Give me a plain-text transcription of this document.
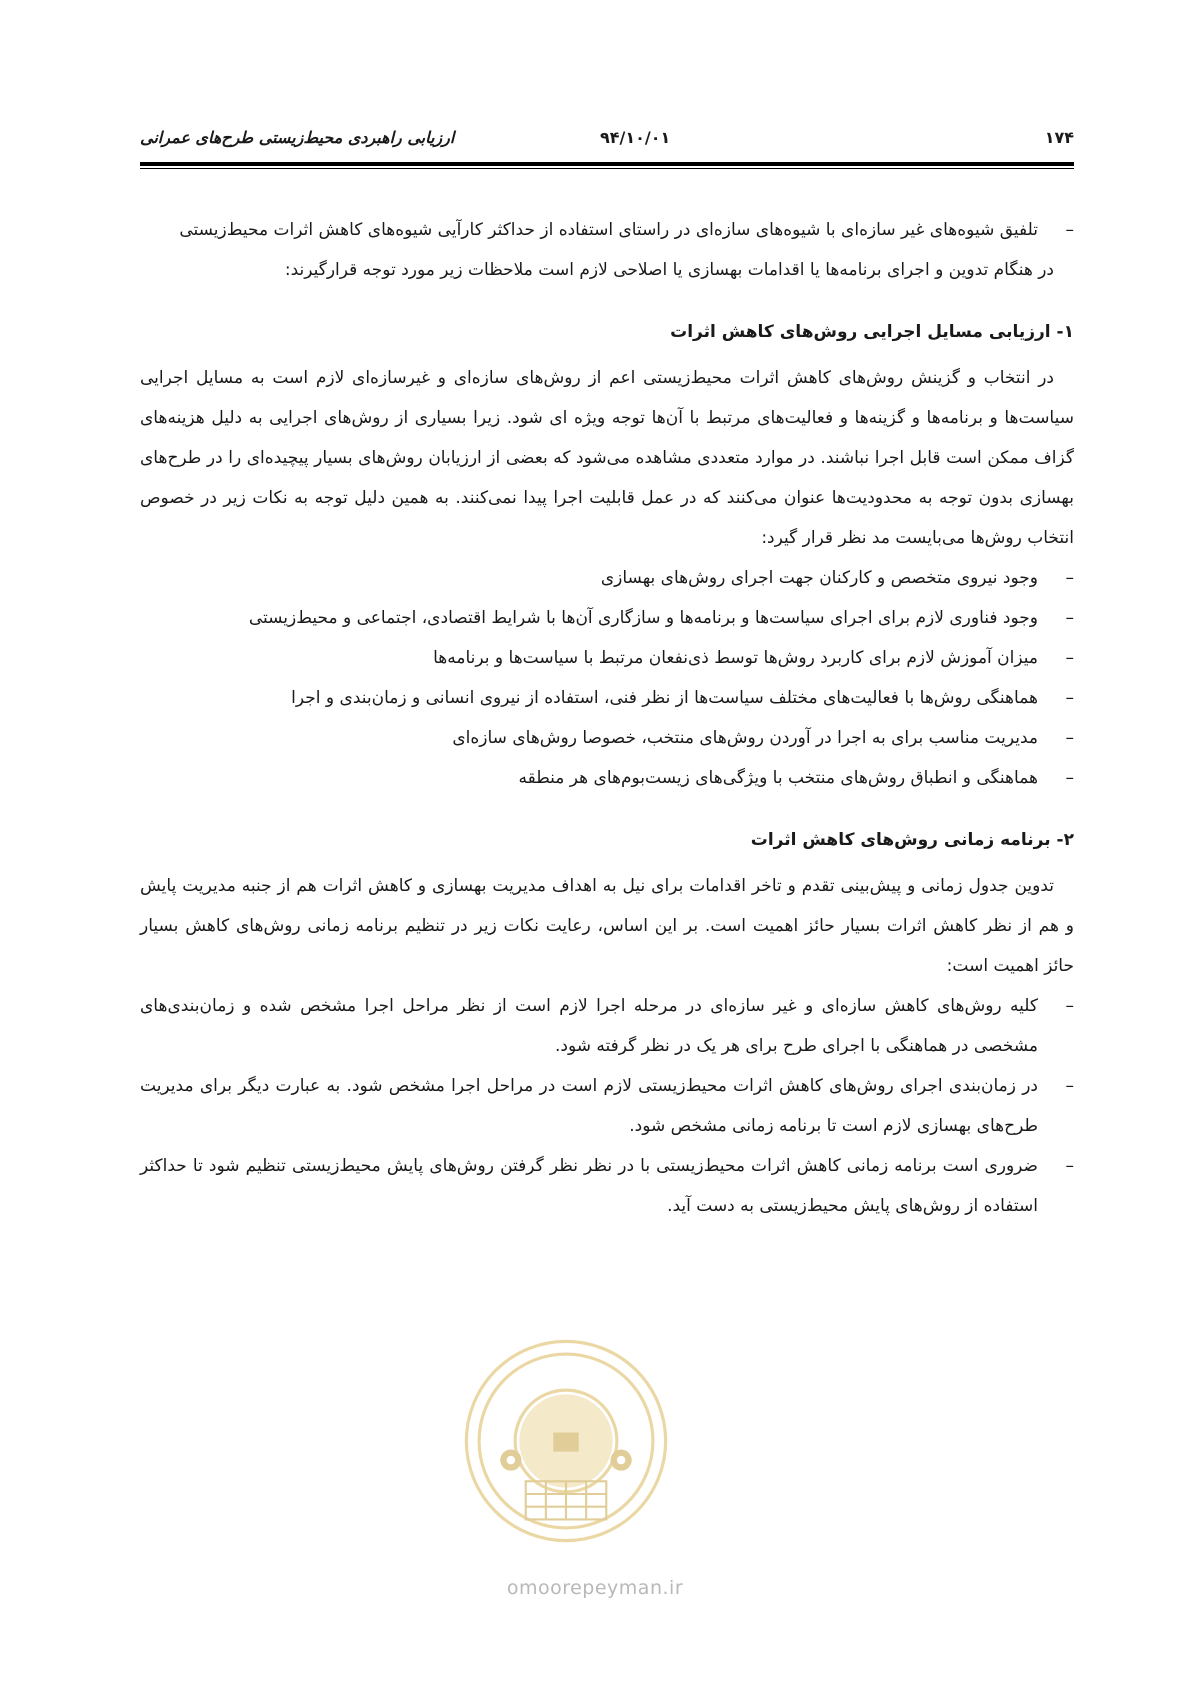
۱۷۴
۹۴/۱۰/۰۱
ارزیابی راهبردی محیط‌زیستی طرح‌های عمرانی

–
تلفیق شیوه‌های غیر سازه‌ای با شیوه‌های سازه‌ای در راستای استفاده از حداکثر کارآیی شیوه‌های کاهش اثرات محیط‌زیستی

در هنگام تدوین و اجرای برنامه‌ها یا اقدامات بهسازی یا اصلاحی لازم است ملاحظات زیر مورد توجه قرارگیرند:

۱- ارزیابی مسایل اجرایی روش‌های کاهش اثرات

در انتخاب و گزینش روش‌های کاهش اثرات محیط‌زیستی اعم از روش‌های سازه‌ای و غیرسازه‌ای لازم است به مسایل اجرایی سیاست‌ها و برنامه‌ها و گزینه‌ها و فعالیت‌های مرتبط با آن‌ها توجه ویژه ای شود. زیرا بسیاری از روش‌های اجرایی به دلیل هزینه‌های گزاف ممکن است قابل اجرا نباشند. در موارد متعددی مشاهده می‌شود که بعضی از ارزیابان روش‌های بسیار پیچیده‌ای را در طرح‌های بهسازی بدون توجه به محدودیت‌ها عنوان می‌کنند که در عمل قابلیت اجرا پیدا نمی‌کنند. به همین دلیل توجه به نکات زیر در خصوص انتخاب روش‌ها می‌بایست مد نظر قرار گیرد:

–
وجود نیروی متخصص و کارکنان جهت اجرای روش‌های بهسازی

–
وجود فناوری لازم برای اجرای سیاست‌ها و برنامه‌ها و سازگاری آن‌ها با شرایط اقتصادی، اجتماعی و محیط‌زیستی

–
میزان آموزش لازم برای کاربرد روش‌ها توسط ذی‌نفعان مرتبط با سیاست‌ها و برنامه‌ها

–
هماهنگی روش‌ها با فعالیت‌های مختلف سیاست‌ها از نظر فنی، استفاده از نیروی انسانی و زمان‌بندی و اجرا

–
مدیریت مناسب برای به اجرا در آوردن روش‌های منتخب، خصوصا روش‌های سازه‌ای

–
هماهنگی و انطباق روش‌های منتخب با ویژگی‌های زیست‌بوم‌های هر منطقه

۲- برنامه زمانی روش‌های کاهش اثرات

تدوین جدول زمانی و پیش‌بینی تقدم و تاخر اقدامات برای نیل به اهداف مدیریت بهسازی و کاهش اثرات هم از جنبه مدیریت پایش و هم از نظر کاهش اثرات بسیار حائز اهمیت است. بر این اساس، رعایت نکات زیر در تنظیم برنامه زمانی روش‌های کاهش بسیار حائز اهمیت است:

–
کلیه روش‌های کاهش سازه‌ای و غیر سازه‌ای در مرحله اجرا لازم است از نظر مراحل اجرا مشخص شده و زمان‌بندی‌های مشخصی در هماهنگی با اجرای طرح برای هر یک در نظر گرفته شود.

–
در زمان‌بندی اجرای روش‌های کاهش اثرات محیط‌زیستی لازم است در مراحل اجرا مشخص شود. به عبارت دیگر برای مدیریت طرح‌های بهسازی لازم است تا برنامه زمانی مشخص شود.

–
ضروری است برنامه زمانی کاهش اثرات محیط‌زیستی با در نظر نظر گرفتن روش‌های پایش محیط‌زیستی تنظیم شود تا حداکثر استفاده از روش‌های پایش محیط‌زیستی به دست آید.

omoorepeyman.ir
